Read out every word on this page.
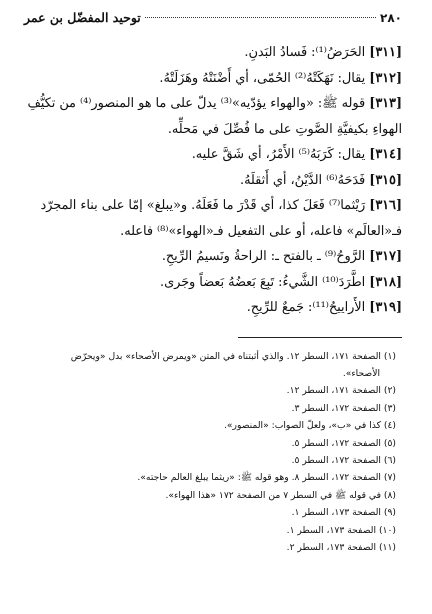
٢٨٠
توحيد المفضّل بن عمر
[٣١١] الحَرَضُ⁽¹⁾: فَسادُ البَدنِ.
[٣١٢] يقال: نَهَكَتْهُ⁽²⁾ الحُمّى، أي أَضْنَتْهُ وهَزَلَتْهُ.
[٣١٣] قوله ﷺ: «والهواء يؤدّيه»⁽³⁾ يدلّ على ما هو المنصور⁽⁴⁾ من تكيُّفِ
الهواءِ بكيفيَّةِ الصَّوتِ على ما فُصِّلَ في مَحلِّه.
[٣١٤] يقال: كَرَبَهُ⁽⁵⁾ الأَمْرُ، أي شَقَّ عليه.
[٣١٥] فَدَحَهُ⁽⁶⁾ الدَّيْنُ، أي أَثقلَهُ.
[٣١٦] رَيْثما⁽⁷⁾ فَعَلَ كذا، أي قَدْرَ ما فَعَلَهُ. و«يبلغ» إمّا على بناء المجرّد
فـ«العالَم» فاعله، أو على التفعيل فـ«الهواء»⁽⁸⁾ فاعله.
[٣١٧] الرَّوحُ⁽⁹⁾ ـ بالفتح ـ: الراحةُ ونَسيمُ الرِّيحِ.
[٣١٨] اطَّرَدَ⁽¹⁰⁾ الشَّيءُ: تَبِعَ بَعضُهُ بَعضاً وجَرى.
[٣١٩] الأَراييحُ⁽¹¹⁾: جَمعٌ للرِّيحِ.
(١) الصفحة ١٧١، السطر ١٢. والذي أثبتناه في المتن «ويمرض الأصحاء» بدل «ويحرّض
الأصحاء».
(٢) الصفحة ١٧١، السطر ١٢.
(٣) الصفحة ١٧٢، السطر ٣.
(٤) كذا في «ب»، ولعلّ الصواب: «المنصور».
(٥) الصفحة ١٧٢، السطر ٥.
(٦) الصفحة ١٧٢، السطر ٥.
(٧) الصفحة ١٧٢، السطر ٨. وهو قوله ﷺ: «ريثما يبلغ العالم حاجته».
(٨) في قوله ﷺ في السطر ٧ من الصفحة ١٧٢ «هذا الهواء».
(٩) الصفحة ١٧٣، السطر ١.
(١٠) الصفحة ١٧٣، السطر ١.
(١١) الصفحة ١٧٣، السطر ٢.
